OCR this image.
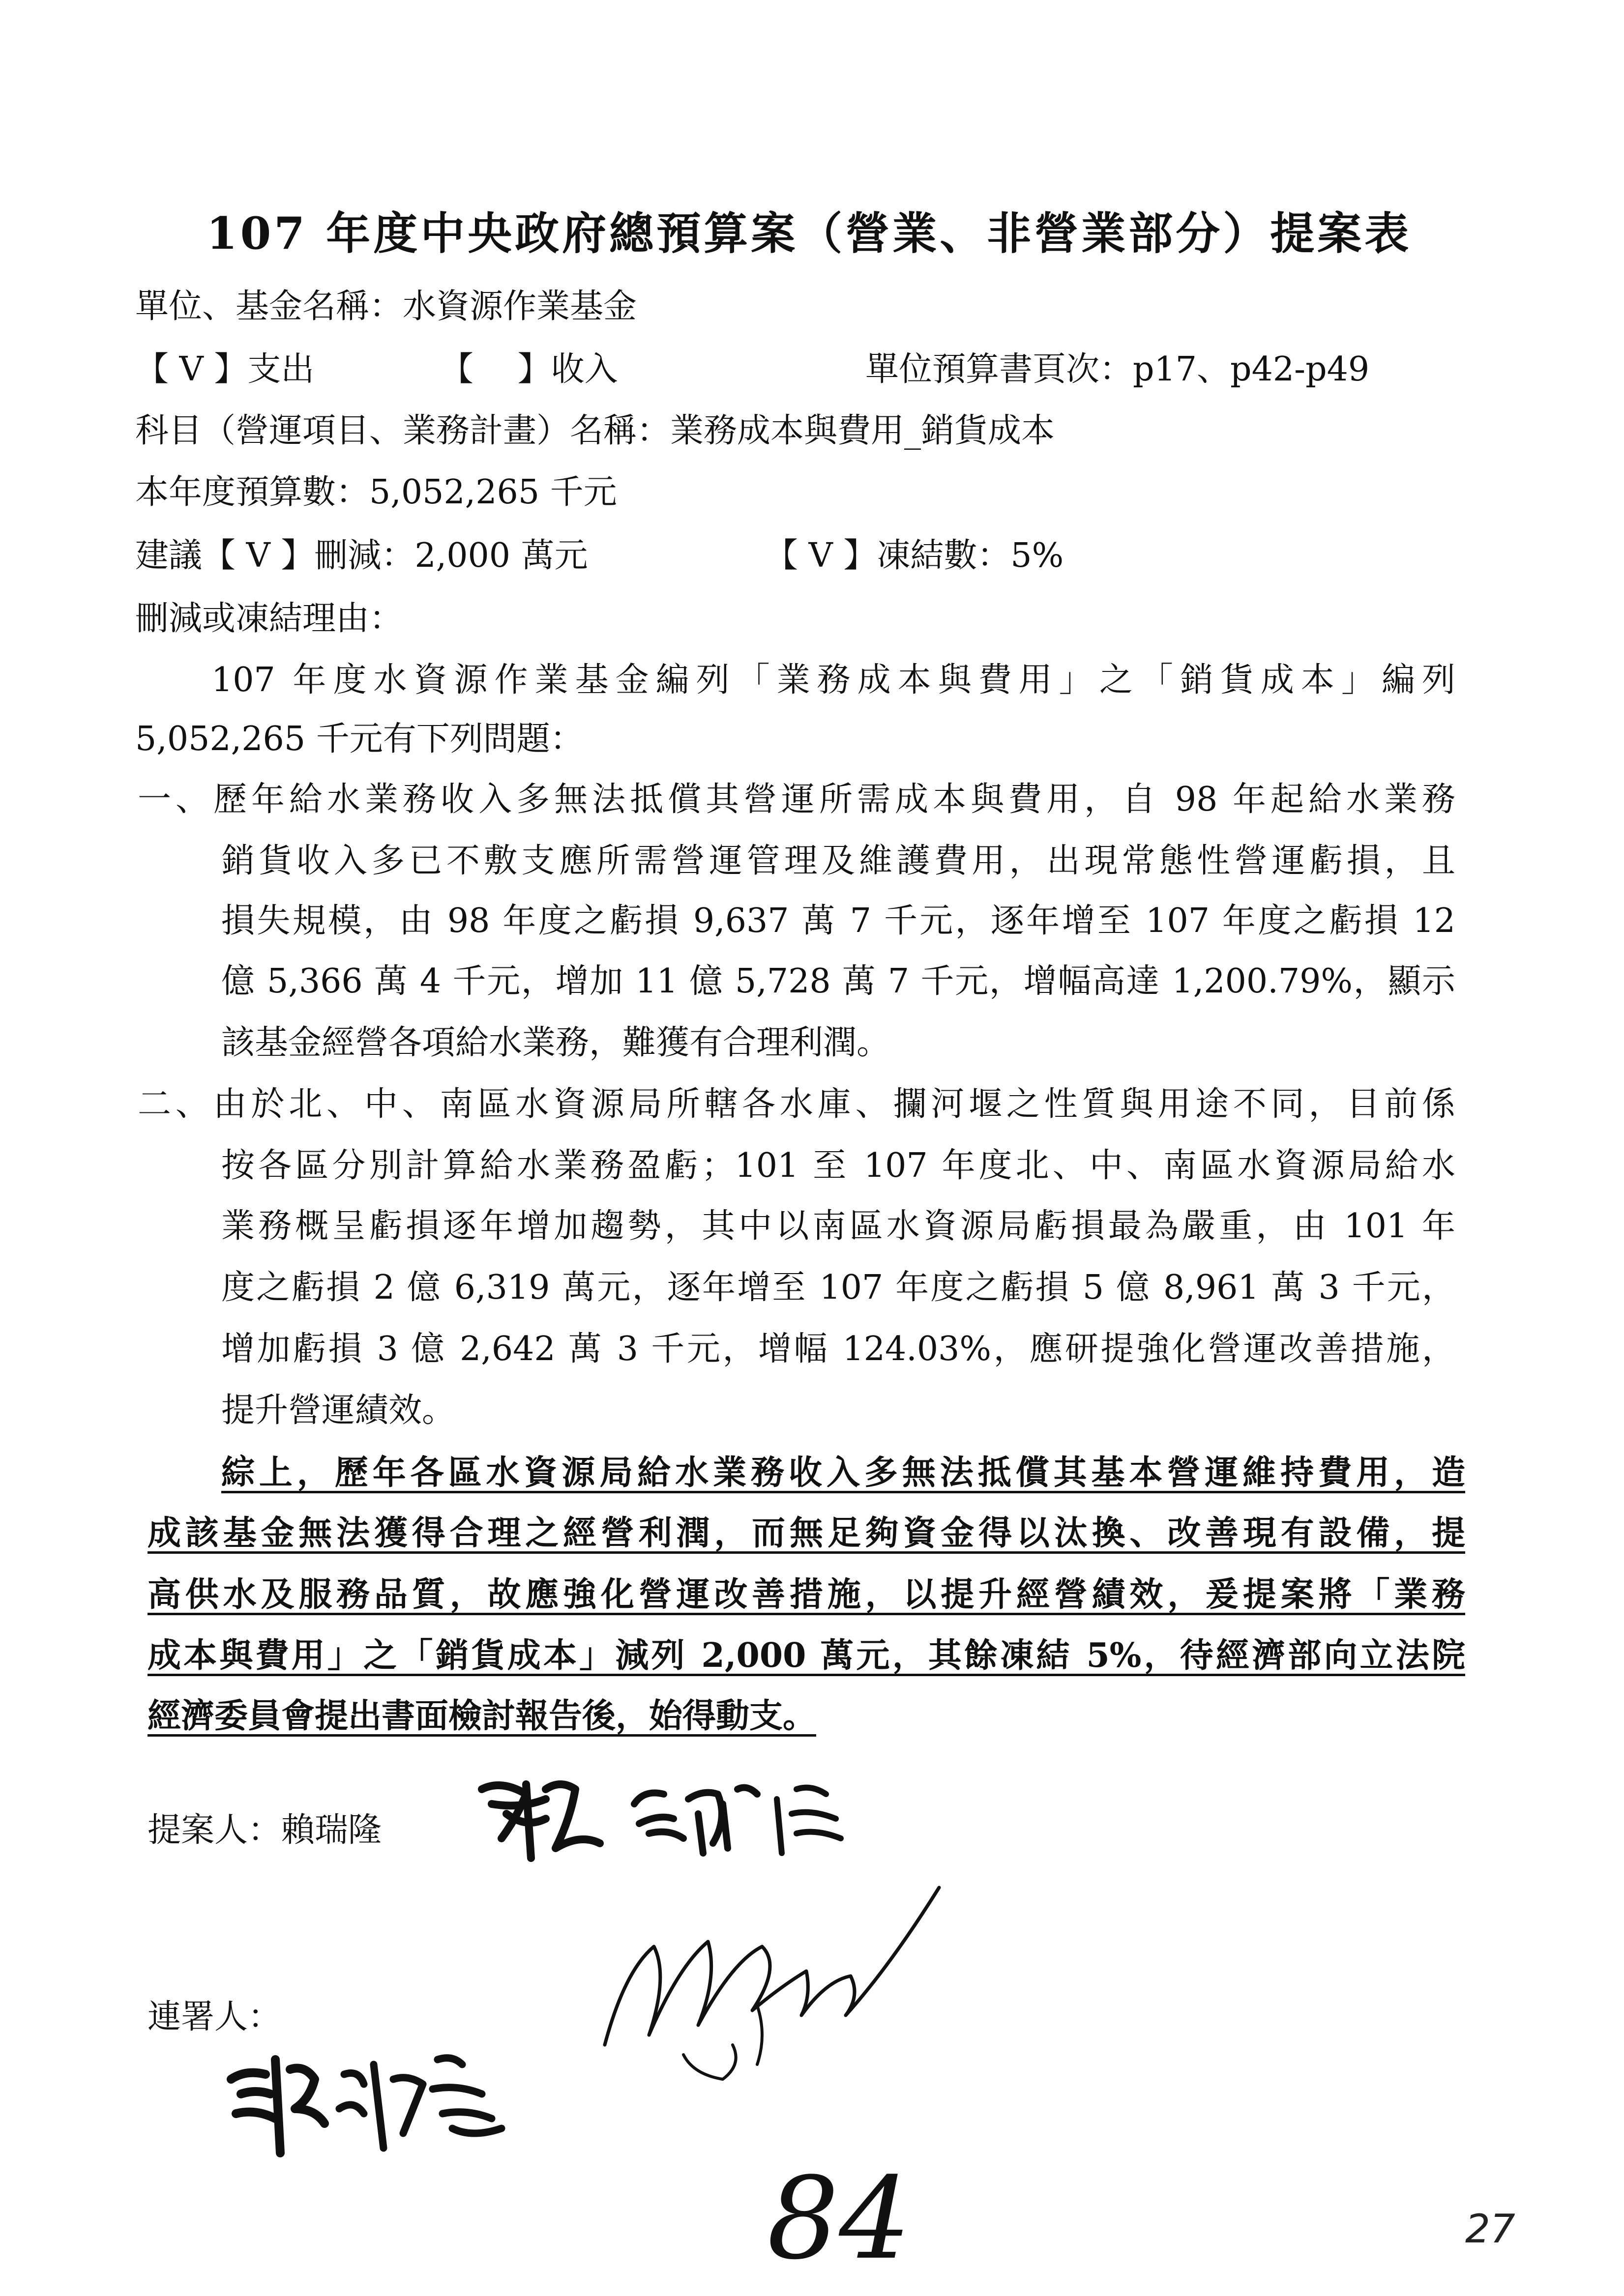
107 年度中央政府總預算案（營業、非營業部分）提案表
單位、基金名稱：水資源作業基金
【 V 】支出	【　 】收入	單位預算書頁次：p17、p42-p49
科目（營運項目、業務計畫）名稱：業務成本與費用_銷貨成本
本年度預算數：5,052,265 千元
建議【 V 】刪減：2,000 萬元	【 V 】凍結數：5%
刪減或凍結理由：
107 年度水資源作業基金編列「業務成本與費用」之「銷貨成本」編列
5,052,265 千元有下列問題：
一、歷年給水業務收入多無法抵償其營運所需成本與費用，自 98 年起給水業務
銷貨收入多已不敷支應所需營運管理及維護費用，出現常態性營運虧損，且
損失規模，由 98 年度之虧損 9,637 萬 7 千元，逐年增至 107 年度之虧損 12
億 5,366 萬 4 千元，增加 11 億 5,728 萬 7 千元，增幅高達 1,200.79%，顯示
該基金經營各項給水業務，難獲有合理利潤。
二、由於北、中、南區水資源局所轄各水庫、攔河堰之性質與用途不同，目前係
按各區分別計算給水業務盈虧；101 至 107 年度北、中、南區水資源局給水
業務概呈虧損逐年增加趨勢，其中以南區水資源局虧損最為嚴重，由 101 年
度之虧損 2 億 6,319 萬元，逐年增至 107 年度之虧損 5 億 8,961 萬 3 千元，
增加虧損 3 億 2,642 萬 3 千元，增幅 124.03%，應研提強化營運改善措施，
提升營運績效。
綜上，歷年各區水資源局給水業務收入多無法抵償其基本營運維持費用，造
成該基金無法獲得合理之經營利潤，而無足夠資金得以汰換、改善現有設備，提
高供水及服務品質，故應強化營運改善措施，以提升經營績效，爰提案將「業務
成本與費用」之「銷貨成本」減列 2,000 萬元，其餘凍結 5%，待經濟部向立法院
經濟委員會提出書面檢討報告後，始得動支。
提案人：賴瑞隆
連署人：
84	27
